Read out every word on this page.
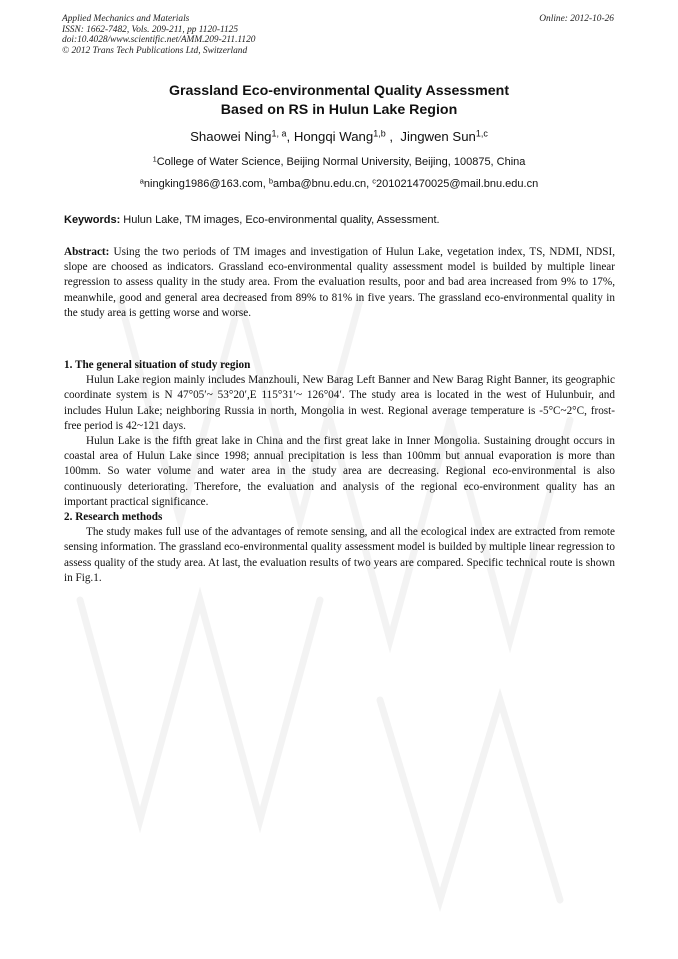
Applied Mechanics and Materials
ISSN: 1662-7482, Vols. 209-211, pp 1120-1125
doi:10.4028/www.scientific.net/AMM.209-211.1120
© 2012 Trans Tech Publications Ltd, Switzerland
Online: 2012-10-26
Grassland Eco-environmental Quality Assessment
Based on RS in Hulun Lake Region
Shaowei Ning$^{1, a}$, Hongqi Wang$^{1,b}$ ,  Jingwen Sun$^{1,c}$
$^1$College of Water Science, Beijing Normal University, Beijing, 100875, China
$^a$ningking1986@163.com, $^b$amba@bnu.edu.cn, $^c$201021470025@mail.bnu.edu.cn
Keywords: Hulun Lake, TM images, Eco-environmental quality, Assessment.
Abstract: Using the two periods of TM images and investigation of Hulun Lake, vegetation index, TS, NDMI, NDSI, slope are choosed as indicators. Grassland eco-environmental quality assessment model is builded by multiple linear regression to assess quality in the study area. From the evaluation results, poor and bad area increased from 9% to 17%, meanwhile, good and general area decreased from 89% to 81% in five years. The grassland eco-environmental quality in the study area is getting worse and worse.

1. The general situation of study region

Hulun Lake region mainly includes Manzhouli, New Barag Left Banner and New Barag Right Banner, its geographic coordinate system is N 47°05′~ 53°20′,E 115°31′~ 126°04′. The study area is located in the west of Hulunbuir, and includes Hulun Lake; neighboring Russia in north, Mongolia in west. Regional average temperature is -5°C~2°C, frost-free period is 42~121 days.

Hulun Lake is the fifth great lake in China and the first great lake in Inner Mongolia. Sustaining drought occurs in coastal area of Hulun Lake since 1998; annual precipitation is less than 100mm but annual evaporation is more than 100mm. So water volume and water area in the study area are decreasing. Regional eco-environmental is also continuously deteriorating. Therefore, the evaluation and analysis of the regional eco-environment quality has an important practical significance.

2. Research methods

The study makes full use of the advantages of remote sensing, and all the ecological index are extracted from remote sensing information. The grassland eco-environmental quality assessment model is builded by multiple linear regression to assess quality of the study area. At last, the evaluation results of two years are compared. Specific technical route is shown in Fig.1.
